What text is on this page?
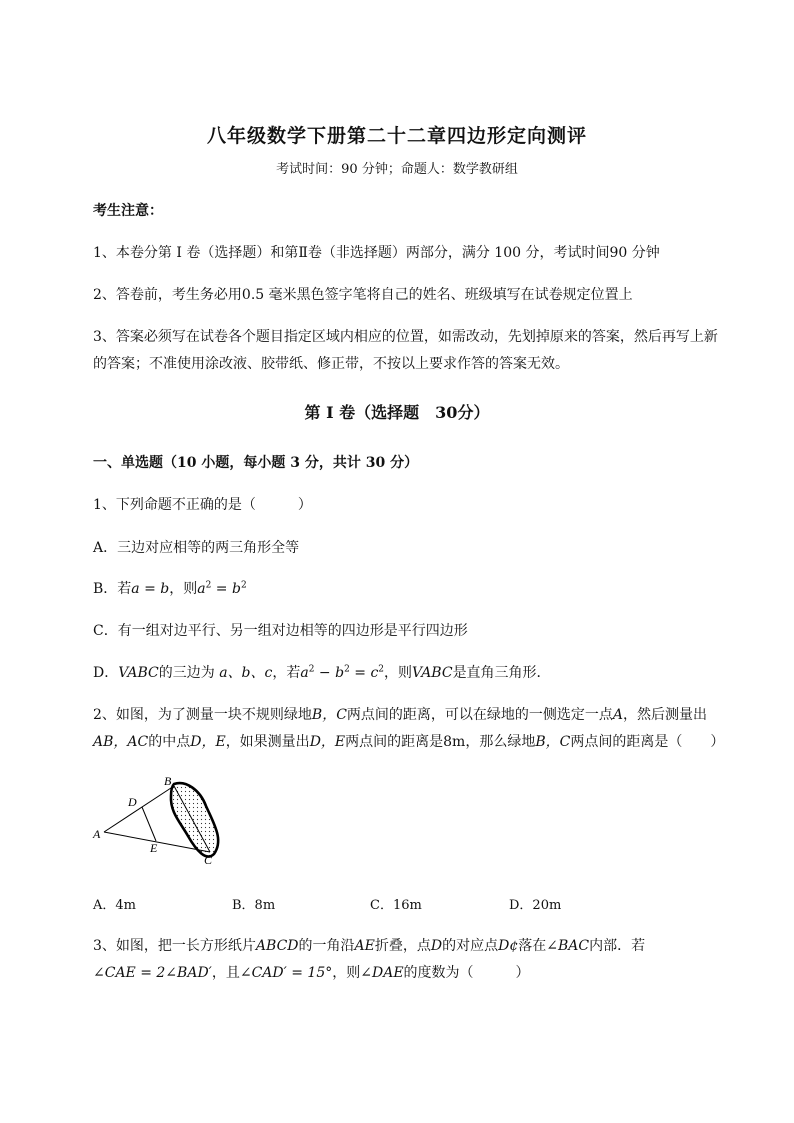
八年级数学下册第二十二章四边形定向测评
考试时间：90 分钟；命题人：数学教研组
考生注意：
1、本卷分第 I 卷（选择题）和第Ⅱ卷（非选择题）两部分，满分 100 分，考试时间90 分钟
2、答卷前，考生务必用0.5 毫米黑色签字笔将自己的姓名、班级填写在试卷规定位置上
3、答案必须写在试卷各个题目指定区域内相应的位置，如需改动，先划掉原来的答案，然后再写上新
的答案；不准使用涂改液、胶带纸、修正带，不按以上要求作答的答案无效。
第 I 卷（选择题　30分）
一、单选题（10 小题，每小题 3 分，共计 30 分）
1、下列命题不正确的是（　　　）
A．三边对应相等的两三角形全等
B．若a = b，则$a^2 = b^2$
C．有一组对边平行、另一组对边相等的四边形是平行四边形
D．VABC的三边为 a、b、c，若$a^2 - b^2 = c^2$，则VABC是直角三角形．
2、如图，为了测量一块不规则绿地B，C两点间的距离，可以在绿地的一侧选定一点A，然后测量出
AB，AC的中点D，E，如果测量出D，E两点间的距离是8m，那么绿地B，C两点间的距离是（　　）
A
B
C
D
E
A．4m	B．8m	C．16m	D．20m
3、如图，把一长方形纸片ABCD的一角沿AE折叠，点D的对应点D¢落在∠BAC内部．若
∠CAE = 2∠BAD′，且∠CAD′ = 15°，则∠DAE的度数为（　　　）
